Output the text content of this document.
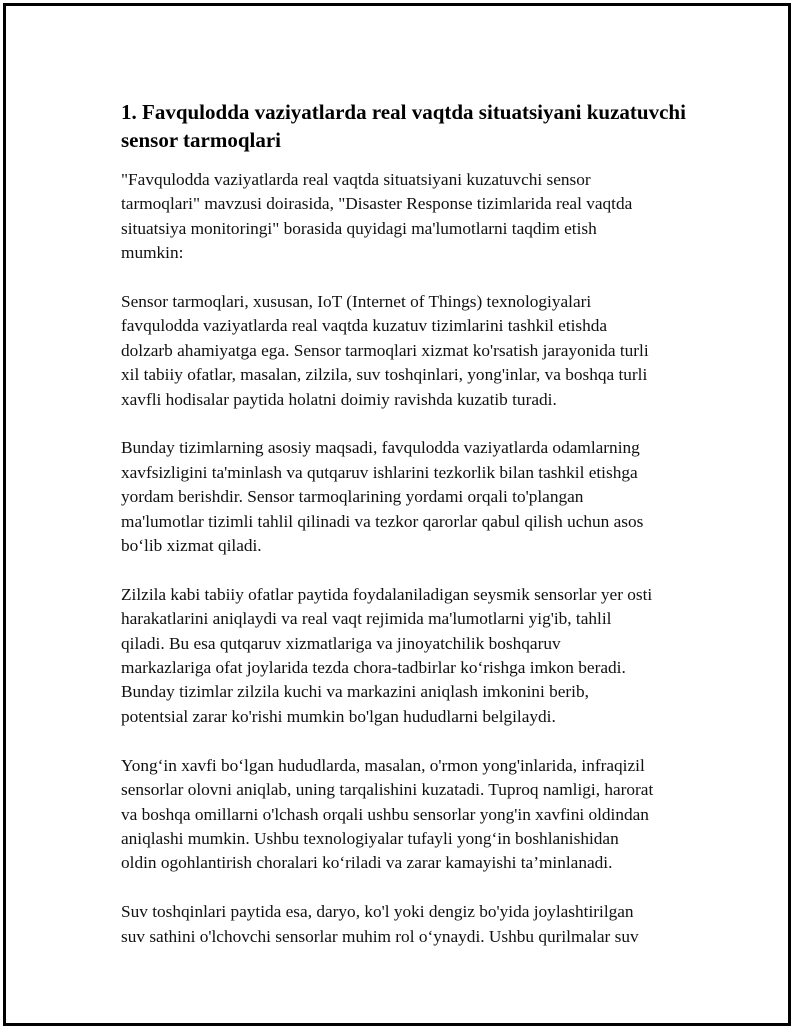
1. Favqulodda vaziyatlarda real vaqtda situatsiyani kuzatuvchi sensor tarmoqlari

"Favqulodda vaziyatlarda real vaqtda situatsiyani kuzatuvchi sensor
tarmoqlari" mavzusi doirasida, "Disaster Response tizimlarida real vaqtda
situatsiya monitoringi" borasida quyidagi ma'lumotlarni taqdim etish
mumkin:

Sensor tarmoqlari, xususan, IoT (Internet of Things) texnologiyalari
favqulodda vaziyatlarda real vaqtda kuzatuv tizimlarini tashkil etishda
dolzarb ahamiyatga ega. Sensor tarmoqlari xizmat ko'rsatish jarayonida turli
xil tabiiy ofatlar, masalan, zilzila, suv toshqinlari, yong'inlar, va boshqa turli
xavfli hodisalar paytida holatni doimiy ravishda kuzatib turadi.

Bunday tizimlarning asosiy maqsadi, favqulodda vaziyatlarda odamlarning
xavfsizligini ta'minlash va qutqaruv ishlarini tezkorlik bilan tashkil etishga
yordam berishdir. Sensor tarmoqlarining yordami orqali to'plangan
ma'lumotlar tizimli tahlil qilinadi va tezkor qarorlar qabul qilish uchun asos
bo‘lib xizmat qiladi.

Zilzila kabi tabiiy ofatlar paytida foydalaniladigan seysmik sensorlar yer osti
harakatlarini aniqlaydi va real vaqt rejimida ma'lumotlarni yig'ib, tahlil
qiladi. Bu esa qutqaruv xizmatlariga va jinoyatchilik boshqaruv
markazlariga ofat joylarida tezda chora-tadbirlar ko‘rishga imkon beradi.
Bunday tizimlar zilzila kuchi va markazini aniqlash imkonini berib,
potentsial zarar ko'rishi mumkin bo'lgan hududlarni belgilaydi.

Yong‘in xavfi bo‘lgan hududlarda, masalan, o'rmon yong'inlarida, infraqizil
sensorlar olovni aniqlab, uning tarqalishini kuzatadi. Tuproq namligi, harorat
va boshqa omillarni o'lchash orqali ushbu sensorlar yong'in xavfini oldindan
aniqlashi mumkin. Ushbu texnologiyalar tufayli yong‘in boshlanishidan
oldin ogohlantirish choralari ko‘riladi va zarar kamayishi ta’minlanadi.

Suv toshqinlari paytida esa, daryo, ko'l yoki dengiz bo'yida joylashtirilgan
suv sathini o'lchovchi sensorlar muhim rol o‘ynaydi. Ushbu qurilmalar suv
